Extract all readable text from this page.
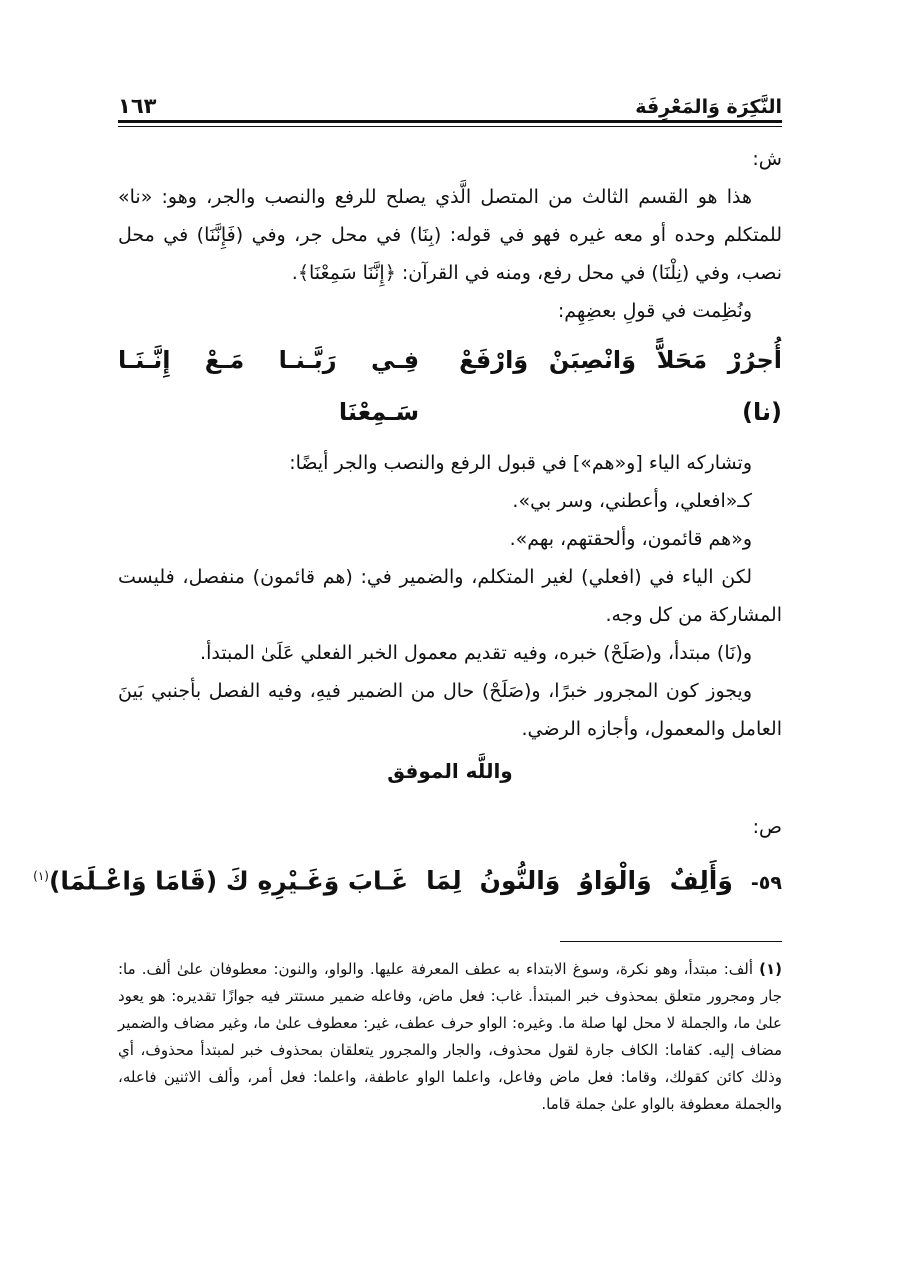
النَّكِرَة وَالمَعْرِفَة
١٦٣
ش:

هذا هو القسم الثالث من المتصل الَّذي يصلح للرفع والنصب والجر، وهو: «نا» للمتكلم وحده أو معه غيره فهو في قوله: (بِنَا) في محل جر، وفي (فَإِنَّنَا) في محل نصب، وفي (نِلْنَا) في محل رفع، ومنه في القرآن: ﴿إِنَّنَا سَمِعْنَا﴾.

ونُظِمت في قولِ بعضِهِم:

أُجرُرْ مَحَلاًّ وَانْصِبَنْ وَارْفَعْ (نا)
فِـي رَبَّـنـا مَـعْ إِنَّـنَـا سَـمِعْنَا

وتشاركه الياء [و«هم»] في قبول الرفع والنصب والجر أيضًا:

كـ«افعلي، وأعطني، وسر بي».

و«هم قائمون، وألحقتهم، بهم».

لكن الياء في (افعلي) لغير المتكلم، والضمير في: (هم قائمون) منفصل، فليست المشاركة من كل وجه.

و(نَا) مبتدأ، و(صَلَحْ) خبره، وفيه تقديم معمول الخبر الفعلي عَلَىٰ المبتدأ.

ويجوز كون المجرور خبرًا، و(صَلَحْ) حال من الضمير فيهِ، وفيه الفصل بأجنبي بَينَ العامل والمعمول، وأجازه الرضي.

واللَّه الموفق

ص:
٥٩-
وَأَلِفٌ
وَالْوَاوُ
وَالنُّونُ
لِمَا
غَـابَ وَغَـيْرِهِ كَ (قَامَا وَاعْـلَمَا)$^{(١)}$
(١) ألف: مبتدأ، وهو نكرة، وسوغ الابتداء به عطف المعرفة عليها. والواو، والنون: معطوفان علىٰ ألف. ما: جار ومجرور متعلق بمحذوف خبر المبتدأ. غاب: فعل ماض، وفاعله ضمير مستتر فيه جوازًا تقديره: هو يعود علىٰ ما، والجملة لا محل لها صلة ما. وغيره: الواو حرف عطف، غير: معطوف علىٰ ما، وغير مضاف والضمير مضاف إليه. كقاما: الكاف جارة لقول محذوف، والجار والمجرور يتعلقان بمحذوف خبر لمبتدأ محذوف، أي وذلك كائن كقولك، وقاما: فعل ماض وفاعل، واعلما الواو عاطفة، واعلما: فعل أمر، وألف الاثنين فاعله، والجملة معطوفة بالواو علىٰ جملة قاما.
